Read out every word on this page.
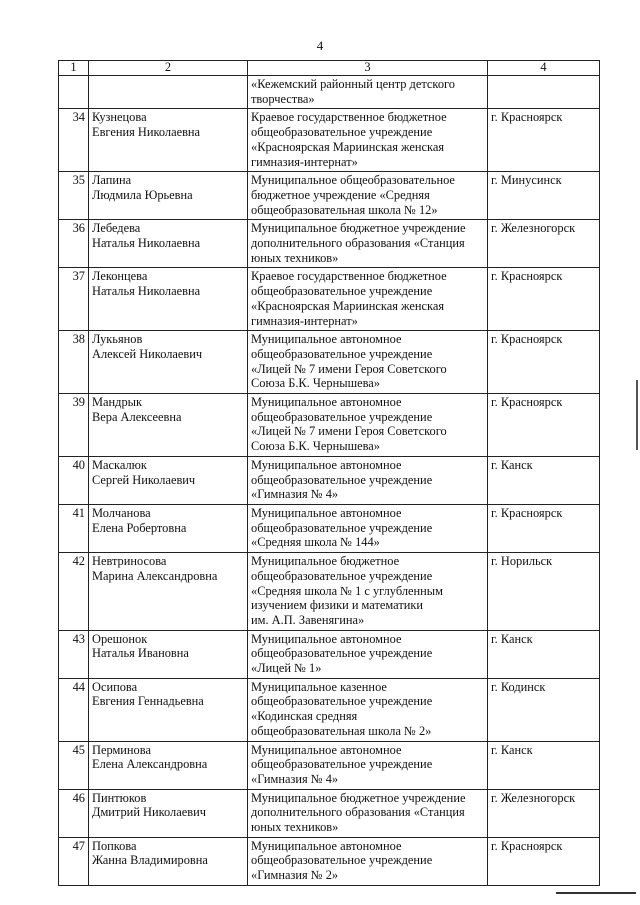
4
1	2	3	4

		«Кежемский районный центр детского
творчества»	

34	Кузнецова
Евгения Николаевна	Краевое государственное бюджетное
общеобразовательное учреждение
«Красноярская Мариинская женская
гимназия-интернат»	г. Красноярск
35	Лапина
Людмила Юрьевна	Муниципальное общеобразовательное
бюджетное учреждение «Средняя
общеобразовательная школа № 12»	г. Минусинск
36	Лебедева
Наталья Николаевна	Муниципальное бюджетное учреждение
дополнительного образования «Станция
юных техников»	г. Железногорск
37	Леконцева
Наталья Николаевна	Краевое государственное бюджетное
общеобразовательное учреждение
«Красноярская Мариинская женская
гимназия-интернат»	г. Красноярск
38	Лукьянов
Алексей Николаевич	Муниципальное автономное
общеобразовательное учреждение
«Лицей № 7 имени Героя Советского
Союза Б.К. Чернышева»	г. Красноярск
39	Мандрык
Вера Алексеевна	Муниципальное автономное
общеобразовательное учреждение
«Лицей № 7 имени Героя Советского
Союза Б.К. Чернышева»	г. Красноярск
40	Маскалюк
Сергей Николаевич	Муниципальное автономное
общеобразовательное учреждение
«Гимназия № 4»	г. Канск
41	Молчанова
Елена Робертовна	Муниципальное автономное
общеобразовательное учреждение
«Средняя школа № 144»	г. Красноярск
42	Невтриносова
Марина Александровна	Муниципальное бюджетное
общеобразовательное учреждение
«Средняя школа № 1 с углубленным
изучением физики и математики
им. А.П. Завенягина»	г. Норильск
43	Орешонок
Наталья Ивановна	Муниципальное автономное
общеобразовательное учреждение
«Лицей № 1»	г. Канск
44	Осипова
Евгения Геннадьевна	Муниципальное казенное
общеобразовательное учреждение
«Кодинская средняя
общеобразовательная школа № 2»	г. Кодинск
45	Перминова
Елена Александровна	Муниципальное автономное
общеобразовательное учреждение
«Гимназия № 4»	г. Канск
46	Пинтюков
Дмитрий Николаевич	Муниципальное бюджетное учреждение
дополнительного образования «Станция
юных техников»	г. Железногорск
47	Попкова
Жанна Владимировна	Муниципальное автономное
общеобразовательное учреждение
«Гимназия № 2»	г. Красноярск
